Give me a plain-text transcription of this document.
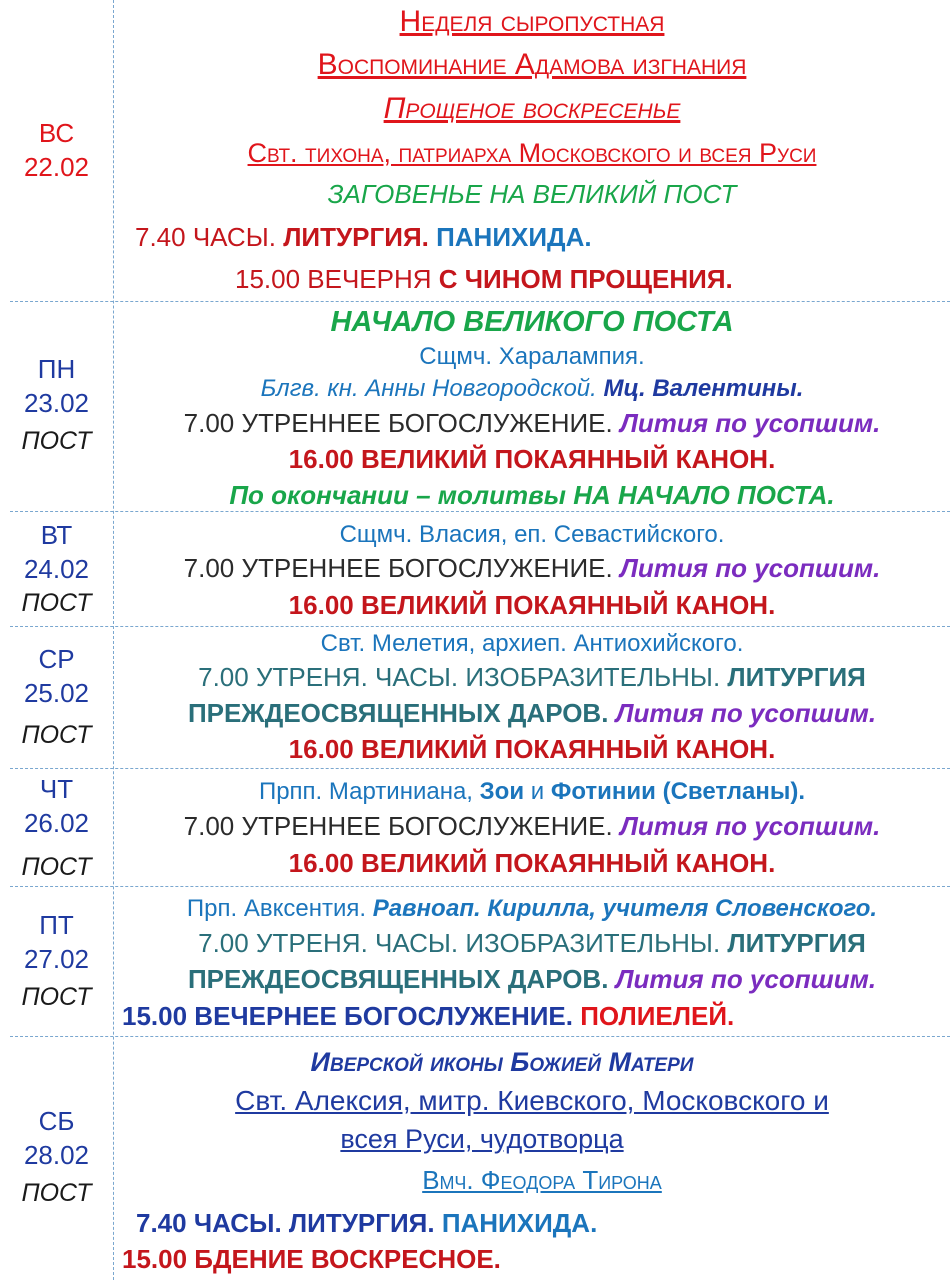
ВС
22.02
Неделя сыропустная
Воспоминание Адамова изгнания
Прощеное воскресенье
Свт. тихона, патриарха Московского и всея Руси
ЗАГОВЕНЬЕ НА ВЕЛИКИЙ ПОСТ
7.40 ЧАСЫ. ЛИТУРГИЯ. ПАНИХИДА.
15.00 ВЕЧЕРНЯ С ЧИНОМ ПРОЩЕНИЯ.
ПН
23.02
ПОСТ
НАЧАЛО ВЕЛИКОГО ПОСТА
Сщмч. Харалампия.
Блгв. кн. Анны Новгородской. Мц. Валентины.
7.00 УТРЕННЕЕ БОГОСЛУЖЕНИЕ. Лития по усопшим.
16.00 ВЕЛИКИЙ ПОКАЯННЫЙ КАНОН.
По окончании – молитвы НА НАЧАЛО ПОСТА.
ВТ
24.02
ПОСТ
Сщмч. Власия, еп. Севастийского.
7.00 УТРЕННЕЕ БОГОСЛУЖЕНИЕ. Лития по усопшим.
16.00 ВЕЛИКИЙ ПОКАЯННЫЙ КАНОН.
СР
25.02
ПОСТ
Свт. Мелетия, архиеп. Антиохийского.
7.00 УТРЕНЯ. ЧАСЫ. ИЗОБРАЗИТЕЛЬНЫ. ЛИТУРГИЯ
ПРЕЖДЕОСВЯЩЕННЫХ ДАРОВ. Лития по усопшим.
16.00 ВЕЛИКИЙ ПОКАЯННЫЙ КАНОН.
ЧТ
26.02
ПОСТ
Прпп. Мартиниана, Зои и Фотинии (Светланы).
7.00 УТРЕННЕЕ БОГОСЛУЖЕНИЕ. Лития по усопшим.
16.00 ВЕЛИКИЙ ПОКАЯННЫЙ КАНОН.
ПТ
27.02
ПОСТ
Прп. Авксентия. Равноап. Кирилла, учителя Словенского.
7.00 УТРЕНЯ. ЧАСЫ. ИЗОБРАЗИТЕЛЬНЫ. ЛИТУРГИЯ
ПРЕЖДЕОСВЯЩЕННЫХ ДАРОВ. Лития по усопшим.
15.00 ВЕЧЕРНЕЕ БОГОСЛУЖЕНИЕ. ПОЛИЕЛЕЙ.
СБ
28.02
ПОСТ
Иверской иконы Божией Матери
Свт. Алексия, митр. Киевского, Московского и
всея Руси, чудотворца
Вмч. Феодора Тирона
7.40 ЧАСЫ. ЛИТУРГИЯ. ПАНИХИДА.
15.00 БДЕНИЕ ВОСКРЕСНОЕ.
